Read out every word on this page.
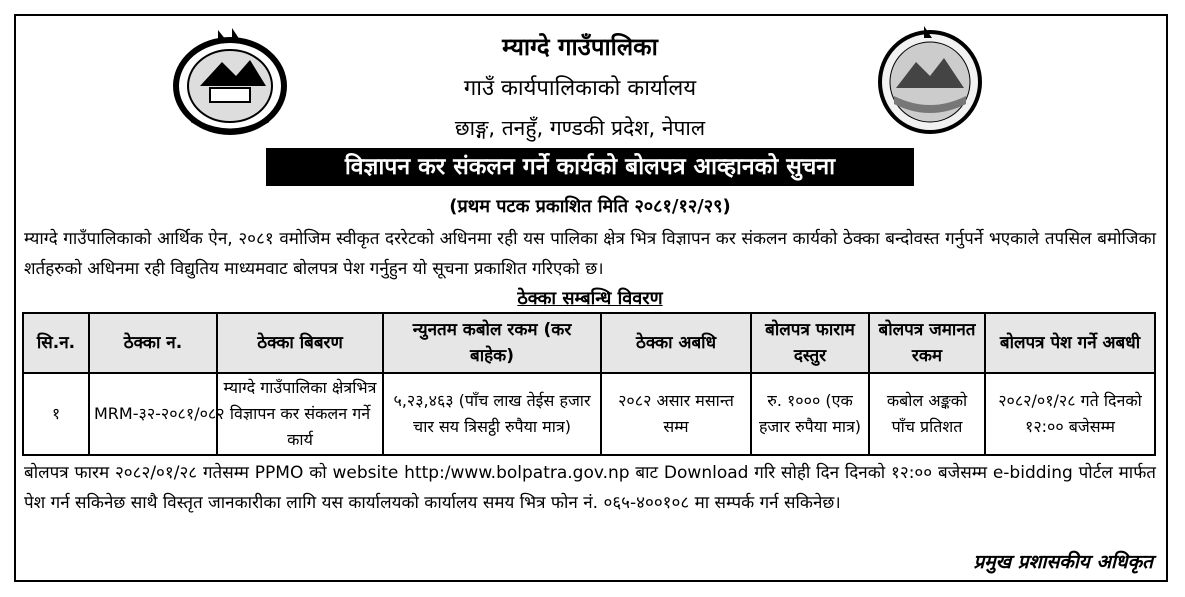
म्याग्दे गाउँपालिका
गाउँ कार्यपालिकाको कार्यालय
छाङ्ग, तनहुँ, गण्डकी प्रदेश, नेपाल
विज्ञापन कर संकलन गर्ने कार्यको बोलपत्र आव्हानको सुचना
(प्रथम पटक प्रकाशित मिति २०८१/१२/२९)

म्याग्दे गाउँपालिकाको आर्थिक ऐन, २०८१ वमोजिम स्वीकृत दररेटको अधिनमा रही यस पालिका क्षेत्र भित्र विज्ञापन कर संकलन कार्यको ठेक्का बन्दोवस्त गर्नुपर्ने भएकाले तपसिल बमोजिका शर्तहरुको अधिनमा रही विद्युतिय माध्यमवाट बोलपत्र पेश गर्नुहुन यो सूचना प्रकाशित गरिएको छ।

ठेक्का सम्बन्धि विवरण
सि.न.	ठेक्का न.	ठेक्का बिबरण	न्युनतम कबोल रकम (कर बाहेक)	ठेक्का अबधि	बोलपत्र फाराम दस्तुर	बोलपत्र जमानत रकम	बोलपत्र पेश गर्ने अबधी
१	MRM-३२-२०८१/०८२	म्याग्दे गाउँपालिका क्षेत्रभित्र विज्ञापन कर संकलन गर्ने कार्य	५,२३,४६३ (पाँच लाख तेईस हजार चार सय त्रिसट्ठी रुपैया मात्र)	२०८२ असार मसान्त सम्म	रु. १००० (एक हजार रुपैया मात्र)	कबोल अङ्कको पाँच प्रतिशत	२०८२/०१/२८ गते दिनको १२:०० बजेसम्म

बोलपत्र फारम २०८२/०१/२८ गतेसम्म PPMO को website http:/www.bolpatra.gov.np बाट Download गरि सोही दिन दिनको १२:०० बजेसम्म e-bidding पोर्टल मार्फत पेश गर्न सकिनेछ साथै विस्तृत जानकारीका लागि यस कार्यालयको कार्यालय समय भित्र फोन नं. ०६५-४००१०८ मा सम्पर्क गर्न सकिनेछ।

प्रमुख प्रशासकीय अधिकृत
